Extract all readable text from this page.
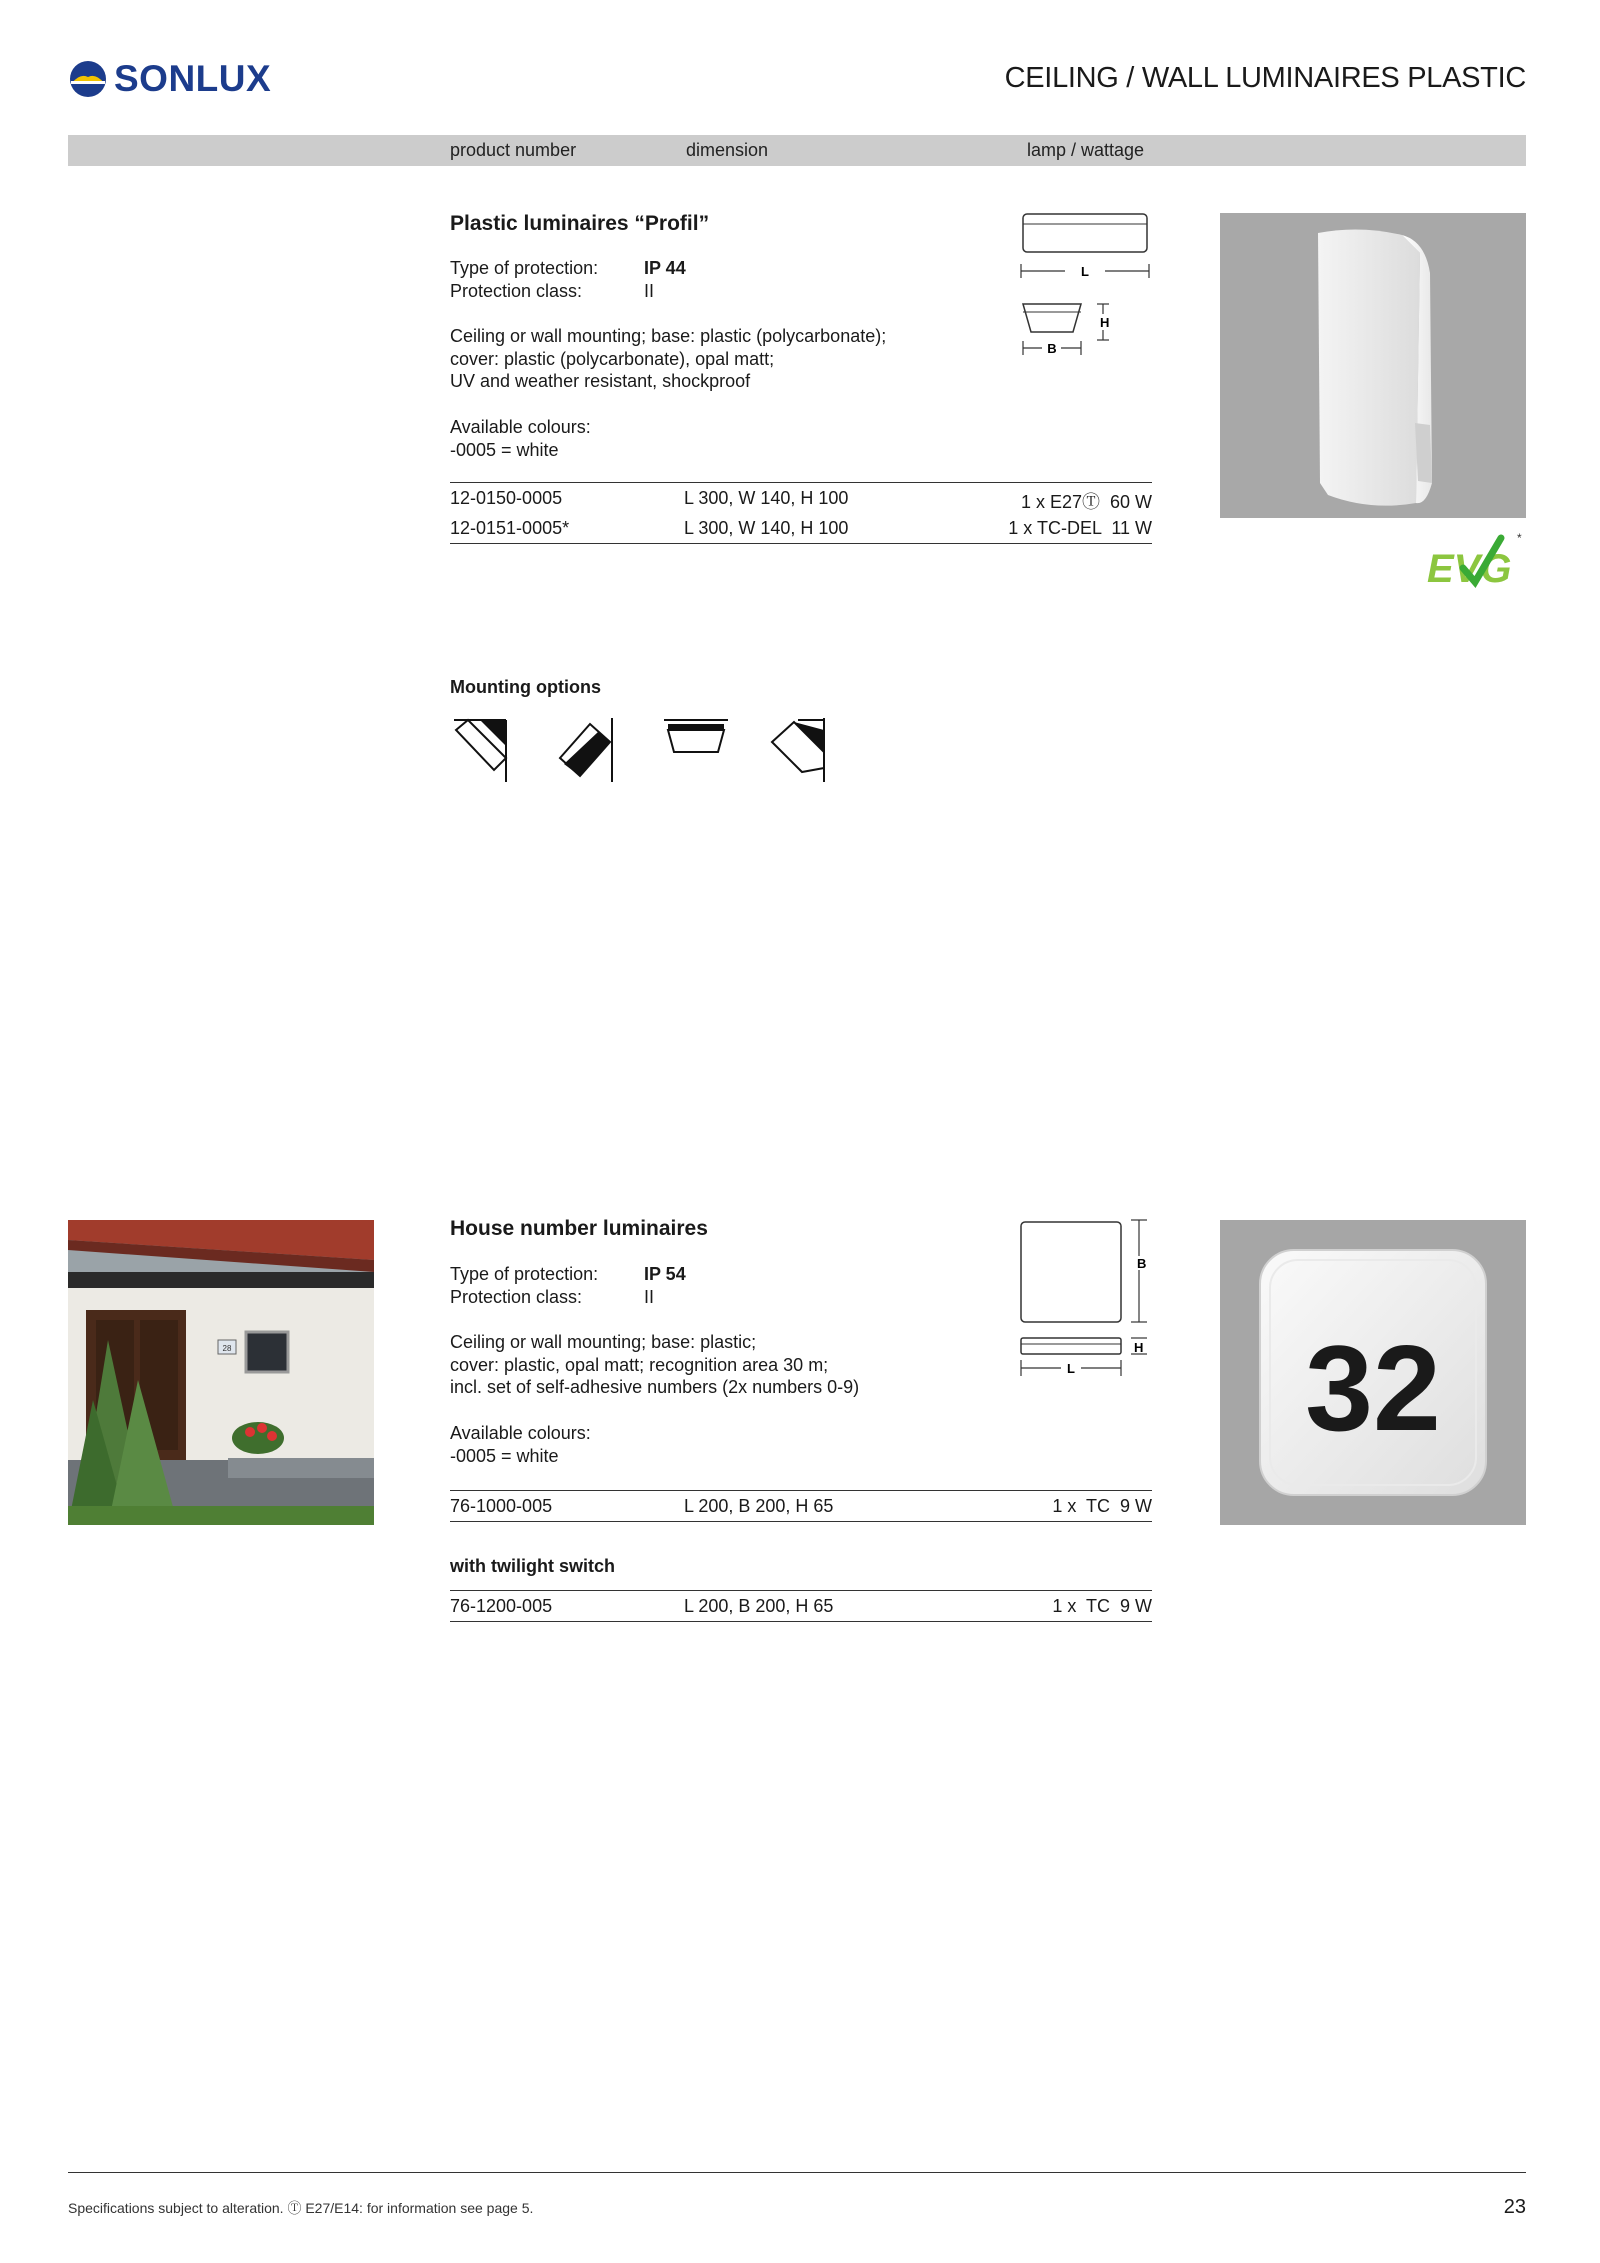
SONLUX	CEILING / WALL LUMINAIRES PLASTIC
product number	dimension	lamp / wattage
Plastic luminaires “Profil”
Type of protection:	IP 44
Protection class:	II
Ceiling or wall mounting; base: plastic (polycarbonate);
cover: plastic (polycarbonate), opal matt;
UV and weather resistant, shockproof
Available colours:
-0005 = white
12-0150-0005	L 300, W 140, H 100	1 x E27Ⓣ  60 W
12-0151-0005*	L 300, W 140, H 100	1 x TC-DEL  11 W
L
H
B
EVG
*
Mounting options
28
House number luminaires
Type of protection:	IP 54
Protection class:	II
Ceiling or wall mounting; base: plastic;
cover: plastic, opal matt; recognition area 30 m;
incl. set of self-adhesive numbers (2x numbers 0-9)
Available colours:
-0005 = white
76-1000-005	L 200, B 200, H 65	1 x  TC  9 W
with twilight switch
76-1200-005	L 200, B 200, H 65	1 x  TC  9 W
B
H
L 32
Specifications subject to alteration. Ⓣ E27/E14: for information see page 5.	23
